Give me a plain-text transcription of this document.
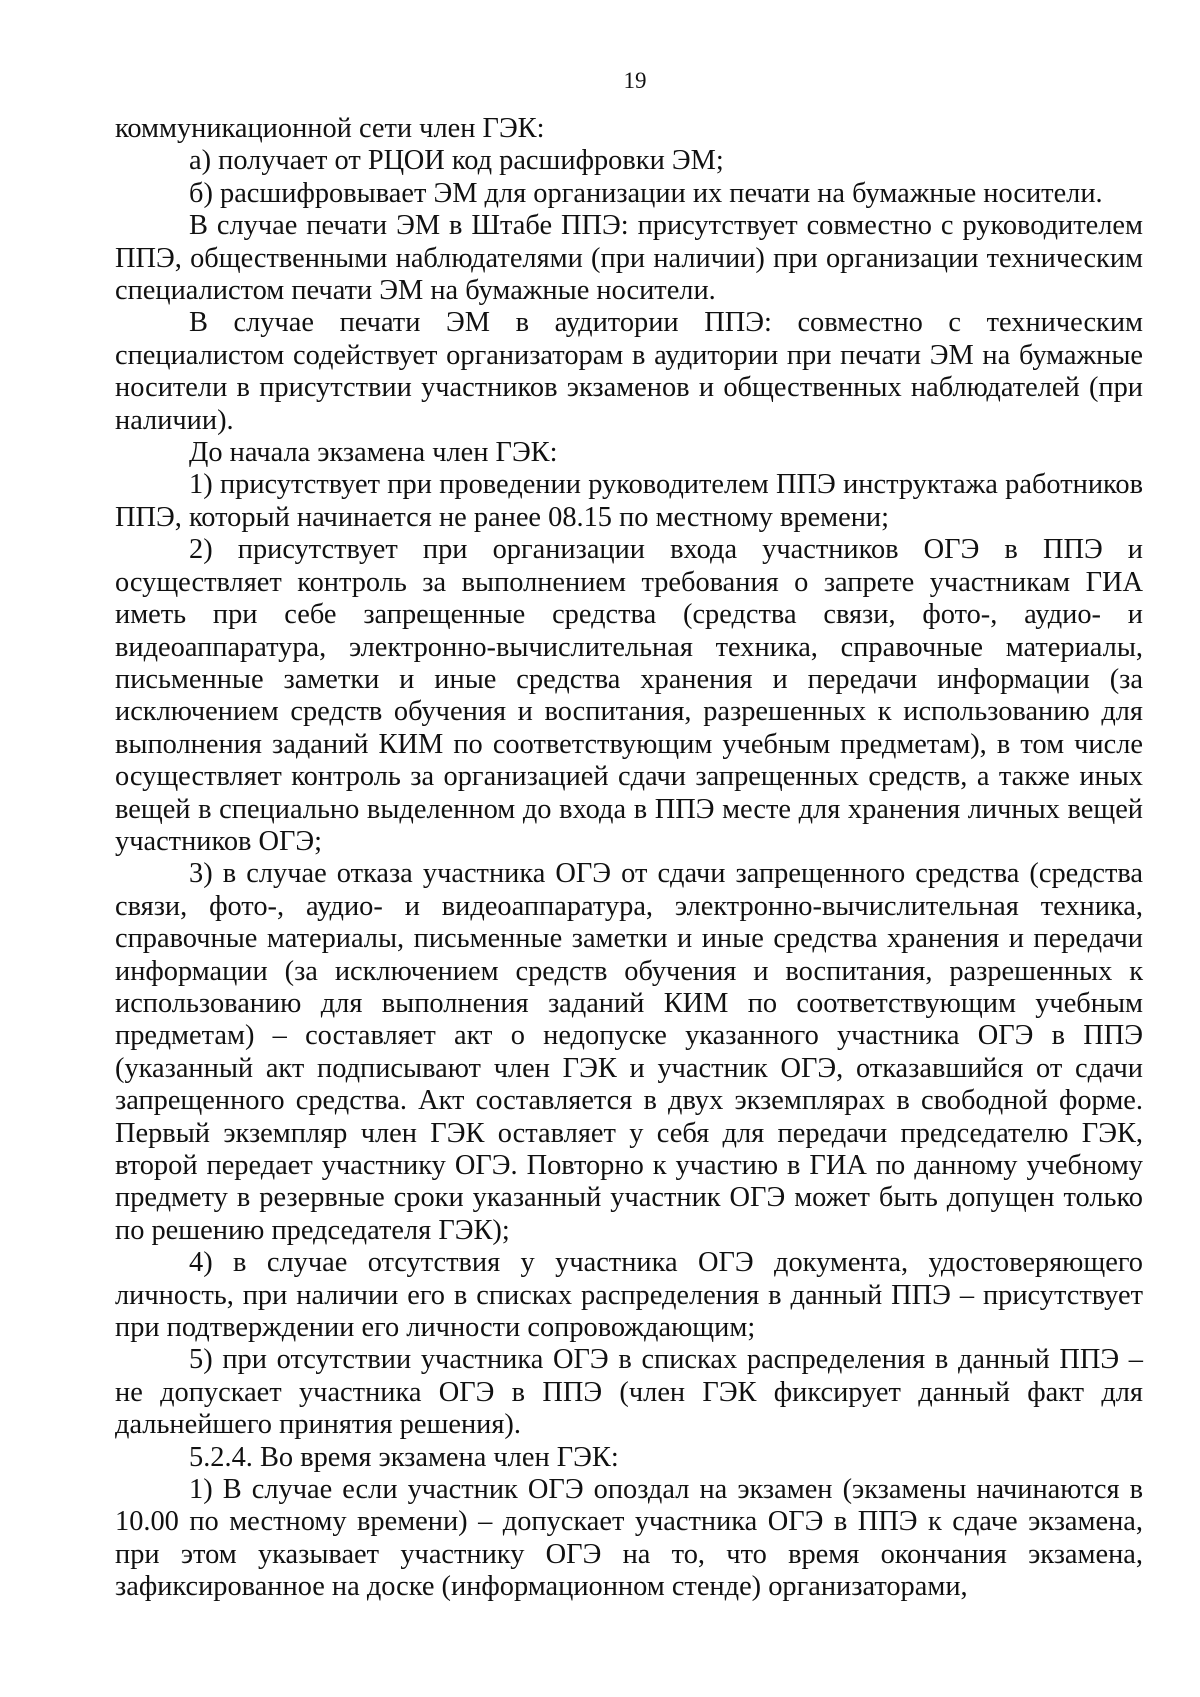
19

коммуникационной сети член ГЭК:

а) получает от РЦОИ код расшифровки ЭМ;

б) расшифровывает ЭМ для организации их печати на бумажные носители.

В случае печати ЭМ в Штабе ППЭ: присутствует совместно с руководителем ППЭ, общественными наблюдателями (при наличии) при организации техническим специалистом печати ЭМ на бумажные носители.

В случае печати ЭМ в аудитории ППЭ: совместно с техническим специалистом содействует организаторам в аудитории при печати ЭМ на бумажные носители в присутствии участников экзаменов и общественных наблюдателей (при наличии).

До начала экзамена член ГЭК:

1) присутствует при проведении руководителем ППЭ инструктажа работников ППЭ, который начинается не ранее 08.15 по местному времени;

2) присутствует при организации входа участников ОГЭ в ППЭ и осуществляет контроль за выполнением требования о запрете участникам ГИА иметь при себе запрещенные средства (средства связи, фото-, аудио- и видеоаппаратура, электронно-вычислительная техника, справочные материалы, письменные заметки и иные средства хранения и передачи информации (за исключением средств обучения и воспитания, разрешенных к использованию для выполнения заданий КИМ по соответствующим учебным предметам), в том числе осуществляет контроль за организацией сдачи запрещенных средств, а также иных вещей в специально выделенном до входа в ППЭ месте для хранения личных вещей участников ОГЭ;

3) в случае отказа участника ОГЭ от сдачи запрещенного средства (средства связи, фото-, аудио- и видеоаппаратура, электронно-вычислительная техника, справочные материалы, письменные заметки и иные средства хранения и передачи информации (за исключением средств обучения и воспитания, разрешенных к использованию для выполнения заданий КИМ по соответствующим учебным предметам) – составляет акт о недопуске указанного участника ОГЭ в ППЭ (указанный акт подписывают член ГЭК и участник ОГЭ, отказавшийся от сдачи запрещенного средства. Акт составляется в двух экземплярах в свободной форме. Первый экземпляр член ГЭК оставляет у себя для передачи председателю ГЭК, второй передает участнику ОГЭ. Повторно к участию в ГИА по данному учебному предмету в резервные сроки указанный участник ОГЭ может быть допущен только по решению председателя ГЭК);

4) в случае отсутствия у участника ОГЭ документа, удостоверяющего личность, при наличии его в списках распределения в данный ППЭ – присутствует при подтверждении его личности сопровождающим;

5) при отсутствии участника ОГЭ в списках распределения в данный ППЭ – не допускает участника ОГЭ в ППЭ (член ГЭК фиксирует данный факт для дальнейшего принятия решения).

5.2.4. Во время экзамена член ГЭК:

1) В случае если участник ОГЭ опоздал на экзамен (экзамены начинаются в 10.00 по местному времени) – допускает участника ОГЭ в ППЭ к сдаче экзамена, при этом указывает участнику ОГЭ на то, что время окончания экзамена, зафиксированное на доске (информационном стенде) организаторами,
